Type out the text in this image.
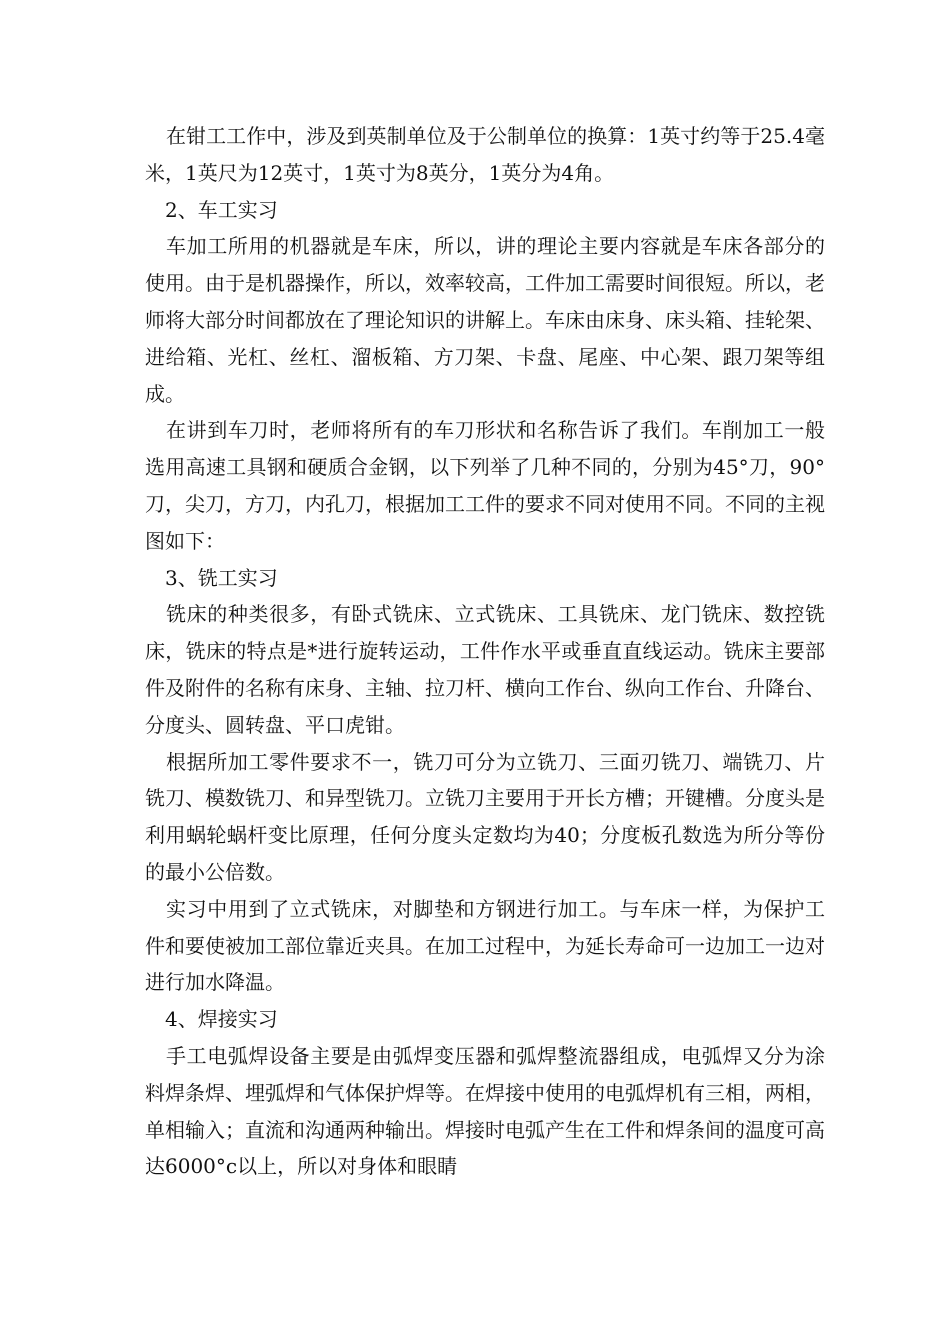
在钳工工作中，涉及到英制单位及于公制单位的换算：1英寸约等于25.4毫米，1英尺为12英寸，1英寸为8英分，1英分为4角。

2、车工实习

车加工所用的机器就是车床，所以，讲的理论主要内容就是车床各部分的使用。由于是机器操作，所以，效率较高，工件加工需要时间很短。所以，老师将大部分时间都放在了理论知识的讲解上。车床由床身、床头箱、挂轮架、进给箱、光杠、丝杠、溜板箱、方刀架、卡盘、尾座、中心架、跟刀架等组成。

在讲到车刀时，老师将所有的车刀形状和名称告诉了我们。车削加工一般选用高速工具钢和硬质合金钢，以下列举了几种不同的，分别为45°刀，90°刀，尖刀，方刀，内孔刀，根据加工工件的要求不同对使用不同。不同的主视图如下：

3、铣工实习

铣床的种类很多，有卧式铣床、立式铣床、工具铣床、龙门铣床、数控铣床，铣床的特点是*进行旋转运动，工件作水平或垂直直线运动。铣床主要部件及附件的名称有床身、主轴、拉刀杆、横向工作台、纵向工作台、升降台、分度头、圆转盘、平口虎钳。

根据所加工零件要求不一，铣刀可分为立铣刀、三面刃铣刀、端铣刀、片铣刀、模数铣刀、和异型铣刀。立铣刀主要用于开长方槽；开键槽。分度头是利用蜗轮蜗杆变比原理，任何分度头定数均为40；分度板孔数选为所分等份的最小公倍数。

实习中用到了立式铣床，对脚垫和方钢进行加工。与车床一样，为保护工件和要使被加工部位靠近夹具。在加工过程中，为延长寿命可一边加工一边对进行加水降温。

4、焊接实习

手工电弧焊设备主要是由弧焊变压器和弧焊整流器组成，电弧焊又分为涂料焊条焊、埋弧焊和气体保护焊等。在焊接中使用的电弧焊机有三相，两相，单相输入；直流和沟通两种输出。焊接时电弧产生在工件和焊条间的温度可高达6000°c以上，所以对身体和眼睛
